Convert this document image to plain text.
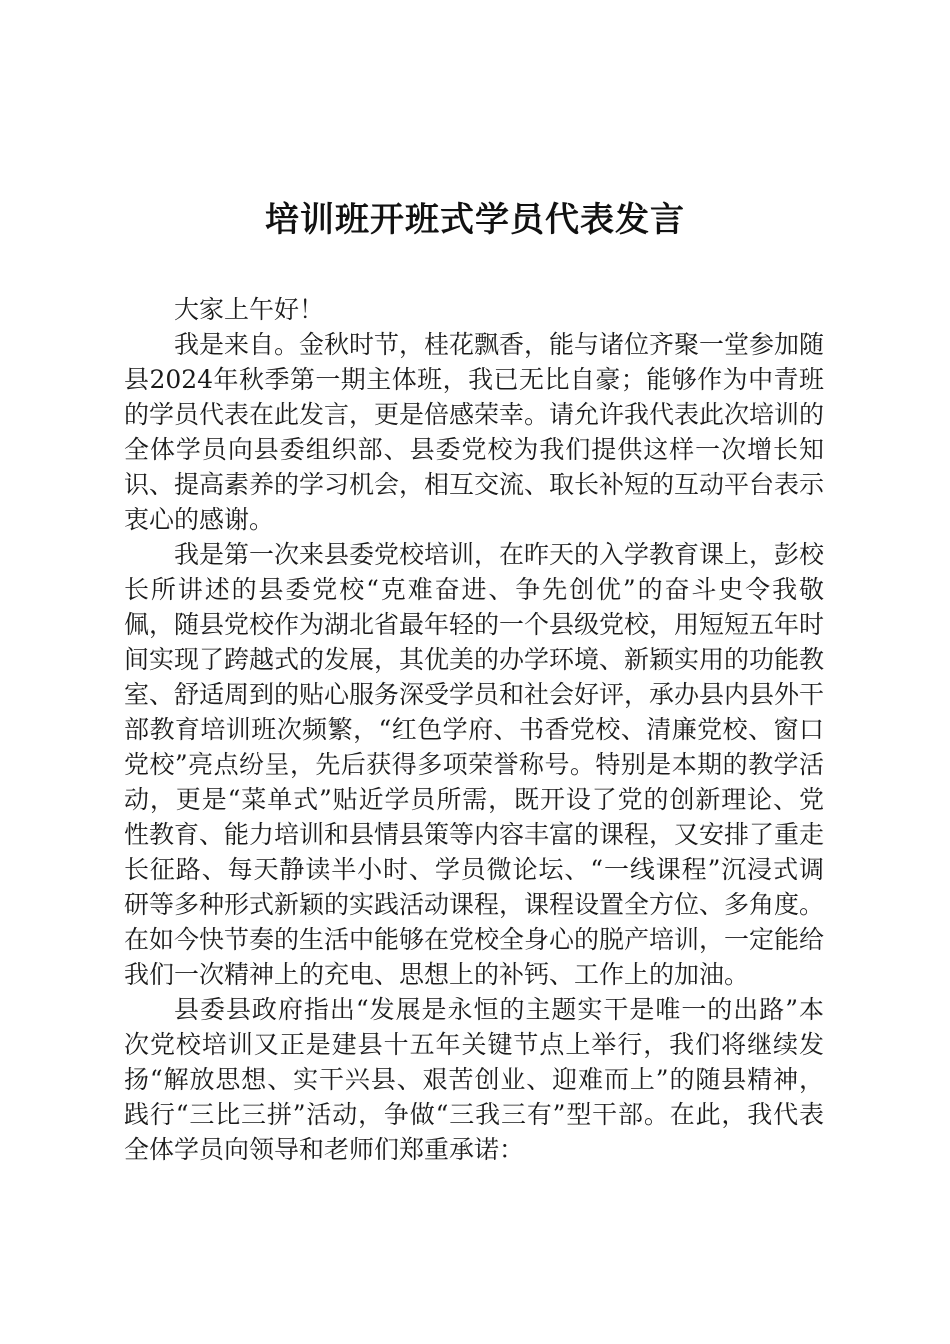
培训班开班式学员代表发言

大家上午好！

我是来自。金秋时节，桂花飘香，能与诸位齐聚一堂参加随县2024年秋季第一期主体班，我已无比自豪；能够作为中青班的学员代表在此发言，更是倍感荣幸。请允许我代表此次培训的全体学员向县委组织部、县委党校为我们提供这样一次增长知识、提高素养的学习机会，相互交流、取长补短的互动平台表示衷心的感谢。

我是第一次来县委党校培训，在昨天的入学教育课上，彭校长所讲述的县委党校“克难奋进、争先创优”的奋斗史令我敬佩，随县党校作为湖北省最年轻的一个县级党校，用短短五年时间实现了跨越式的发展，其优美的办学环境、新颖实用的功能教室、舒适周到的贴心服务深受学员和社会好评，承办县内县外干部教育培训班次频繁，“红色学府、书香党校、清廉党校、窗口党校”亮点纷呈，先后获得多项荣誉称号。特别是本期的教学活动，更是“菜单式”贴近学员所需，既开设了党的创新理论、党性教育、能力培训和县情县策等内容丰富的课程，又安排了重走长征路、每天静读半小时、学员微论坛、“一线课程”沉浸式调研等多种形式新颖的实践活动课程，课程设置全方位、多角度。在如今快节奏的生活中能够在党校全身心的脱产培训，一定能给我们一次精神上的充电、思想上的补钙、工作上的加油。

县委县政府指出“发展是永恒的主题实干是唯一的出路”本次党校培训又正是建县十五年关键节点上举行，我们将继续发扬“解放思想、实干兴县、艰苦创业、迎难而上”的随县精神，践行“三比三拼”活动，争做“三我三有”型干部。在此，我代表全体学员向领导和老师们郑重承诺：
